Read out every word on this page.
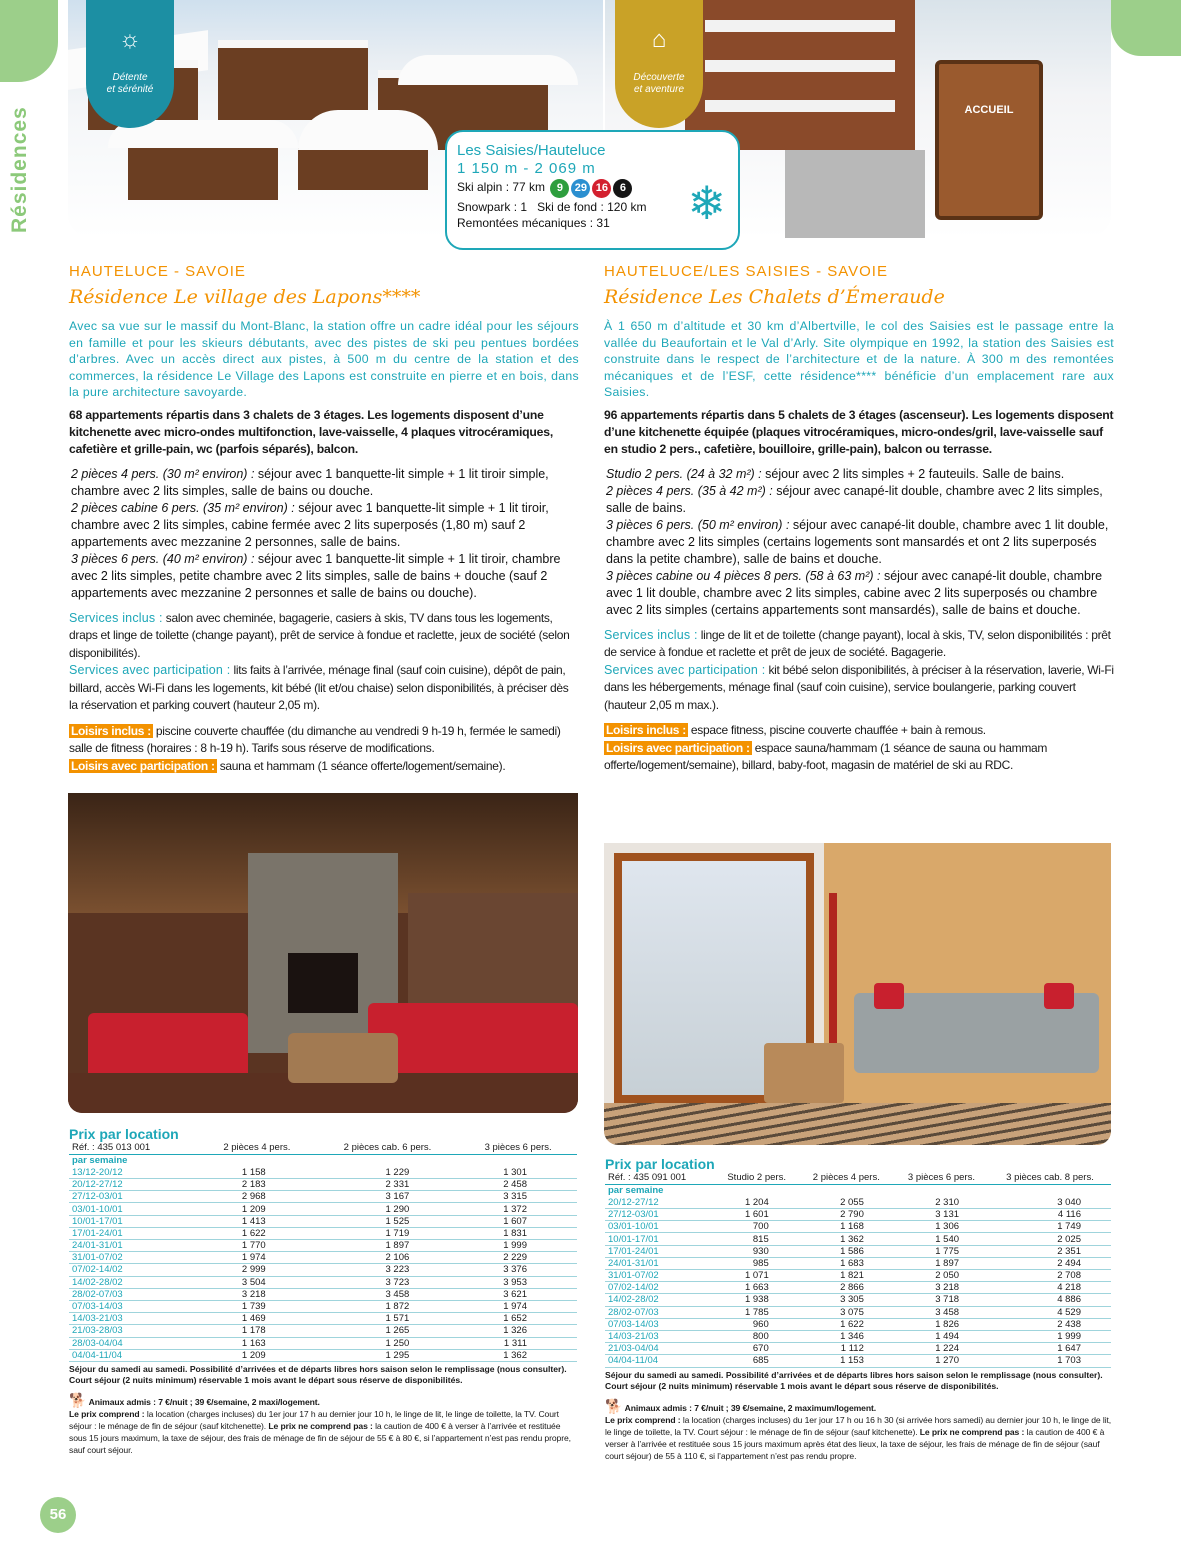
Résidences	ACCUEIL
☼
Détente
et sérénité
⌂
Découverte
et aventure
Les Saisies/Hauteluce
1 150 m - 2 069 m
Ski alpin : 77 km 9 29 16 6
Snowpark : 1 Ski de fond : 120 km
Remontées mécaniques : 31	❄
HAUTELUCE - SAVOIE
Résidence Le village des Lapons****
Avec sa vue sur le massif du Mont-Blanc, la station offre un cadre idéal pour les séjours en famille et pour les skieurs débutants, avec des pistes de ski peu pentues bordées d’arbres. Avec un accès direct aux pistes, à 500 m du centre de la station et des commerces, la résidence Le Village des Lapons est construite en pierre et en bois, dans la pure architecture savoyarde.
68 appartements répartis dans 3 chalets de 3 étages. Les logements disposent d’une kitchenette avec micro-ondes multifonction, lave-vaisselle, 4 plaques vitrocéramiques, cafetière et grille-pain, wc (parfois séparés), balcon.
2 pièces 4 pers. (30 m² environ) : séjour avec 1 banquette-lit simple + 1 lit tiroir simple, chambre avec 2 lits simples, salle de bains ou douche.
2 pièces cabine 6 pers. (35 m² environ) : séjour avec 1 banquette-lit simple + 1 lit tiroir, chambre avec 2 lits simples, cabine fermée avec 2 lits superposés (1,80 m) sauf 2 appartements avec mezzanine 2 personnes, salle de bains.
3 pièces 6 pers. (40 m² environ) : séjour avec 1 banquette-lit simple + 1 lit tiroir, chambre avec 2 lits simples, petite chambre avec 2 lits simples, salle de bains + douche (sauf 2 appartements avec mezzanine 2 personnes et salle de bains ou douche).
Services inclus : salon avec cheminée, bagagerie, casiers à skis, TV dans tous les logements, draps et linge de toilette (change payant), prêt de service à fondue et raclette, jeux de société (selon disponibilités).
Services avec participation : lits faits à l’arrivée, ménage final (sauf coin cuisine), dépôt de pain, billard, accès Wi-Fi dans les logements, kit bébé (lit et/ou chaise) selon disponibilités, à préciser dès la réservation et parking couvert (hauteur 2,05 m).
Loisirs inclus : piscine couverte chauffée (du dimanche au vendredi 9 h-19 h, fermée le samedi) salle de fitness (horaires : 8 h-19 h). Tarifs sous réserve de modifications.
Loisirs avec participation : sauna et hammam (1 séance offerte/logement/semaine).
Prix par location
Réf. : 435 013 001	2 pièces 4 pers.	2 pièces cab. 6 pers.	3 pièces 6 pers.
par semaine			
13/12-20/12	1 158	1 229	1 301
20/12-27/12	2 183	2 331	2 458
27/12-03/01	2 968	3 167	3 315
03/01-10/01	1 209	1 290	1 372
10/01-17/01	1 413	1 525	1 607
17/01-24/01	1 622	1 719	1 831
24/01-31/01	1 770	1 897	1 999
31/01-07/02	1 974	2 106	2 229
07/02-14/02	2 999	3 223	3 376
14/02-28/02	3 504	3 723	3 953
28/02-07/03	3 218	3 458	3 621
07/03-14/03	1 739	1 872	1 974
14/03-21/03	1 469	1 571	1 652
21/03-28/03	1 178	1 265	1 326
28/03-04/04	1 163	1 250	1 311
04/04-11/04	1 209	1 295	1 362
Séjour du samedi au samedi. Possibilité d’arrivées et de départs libres hors saison selon le remplissage (nous consulter).
Court séjour (2 nuits minimum) réservable 1 mois avant le départ sous réserve de disponibilités.
🐕 Animaux admis : 7 €/nuit ; 39 €/semaine, 2 maxi/logement.
Le prix comprend : la location (charges incluses) du 1er jour 17 h au dernier jour 10 h, le linge de lit, le linge de toilette, la TV. Court séjour : le ménage de fin de séjour (sauf kitchenette). Le prix ne comprend pas : la caution de 400 € à verser à l’arrivée et restituée sous 15 jours maximum, la taxe de séjour, des frais de ménage de fin de séjour de 55 € à 80 €, si l’appartement n’est pas rendu propre, sauf court séjour.
HAUTELUCE/LES SAISIES - SAVOIE
Résidence Les Chalets d’Émeraude
À 1 650 m d’altitude et 30 km d’Albertville, le col des Saisies est le passage entre la vallée du Beaufortain et le Val d’Arly. Site olympique en 1992, la station des Saisies est construite dans le respect de l’architecture et de la nature. À 300 m des remontées mécaniques et de l’ESF, cette résidence**** bénéficie d’un emplacement rare aux Saisies.
96 appartements répartis dans 5 chalets de 3 étages (ascenseur). Les logements disposent d’une kitchenette équipée (plaques vitrocéramiques, micro-ondes/gril, lave-vaisselle sauf en studio 2 pers., cafetière, bouilloire, grille-pain), balcon ou terrasse.
Studio 2 pers. (24 à 32 m²) : séjour avec 2 lits simples + 2 fauteuils. Salle de bains.
2 pièces 4 pers. (35 à 42 m²) : séjour avec canapé-lit double, chambre avec 2 lits simples, salle de bains.
3 pièces 6 pers. (50 m² environ) : séjour avec canapé-lit double, chambre avec 1 lit double, chambre avec 2 lits simples (certains logements sont mansardés et ont 2 lits superposés dans la petite chambre), salle de bains et douche.
3 pièces cabine ou 4 pièces 8 pers. (58 à 63 m²) : séjour avec canapé-lit double, chambre avec 1 lit double, chambre avec 2 lits simples, cabine avec 2 lits superposés ou chambre avec 2 lits simples (certains appartements sont mansardés), salle de bains et douche.
Services inclus : linge de lit et de toilette (change payant), local à skis, TV, selon disponibilités : prêt de service à fondue et raclette et prêt de jeux de société. Bagagerie.
Services avec participation : kit bébé selon disponibilités, à préciser à la réservation, laverie, Wi-Fi dans les hébergements, ménage final (sauf coin cuisine), service boulangerie, parking couvert (hauteur 2,05 m max.).
Loisirs inclus : espace fitness, piscine couverte chauffée + bain à remous.
Loisirs avec participation : espace sauna/hammam (1 séance de sauna ou hammam offerte/logement/semaine), billard, baby-foot, magasin de matériel de ski au RDC.
Prix par location
Réf. : 435 091 001	Studio 2 pers.	2 pièces 4 pers.	3 pièces 6 pers.	3 pièces cab. 8 pers.
par semaine				
20/12-27/12	1 204	2 055	2 310	3 040
27/12-03/01	1 601	2 790	3 131	4 116
03/01-10/01	700	1 168	1 306	1 749
10/01-17/01	815	1 362	1 540	2 025
17/01-24/01	930	1 586	1 775	2 351
24/01-31/01	985	1 683	1 897	2 494
31/01-07/02	1 071	1 821	2 050	2 708
07/02-14/02	1 663	2 866	3 218	4 218
14/02-28/02	1 938	3 305	3 718	4 886
28/02-07/03	1 785	3 075	3 458	4 529
07/03-14/03	960	1 622	1 826	2 438
14/03-21/03	800	1 346	1 494	1 999
21/03-04/04	670	1 112	1 224	1 647
04/04-11/04	685	1 153	1 270	1 703
Séjour du samedi au samedi. Possibilité d’arrivées et de départs libres hors saison selon le remplissage (nous consulter).
Court séjour (2 nuits minimum) réservable 1 mois avant le départ sous réserve de disponibilités.
🐕 Animaux admis : 7 €/nuit ; 39 €/semaine, 2 maximum/logement.
Le prix comprend : la location (charges incluses) du 1er jour 17 h ou 16 h 30 (si arrivée hors samedi) au dernier jour 10 h, le linge de lit, le linge de toilette, la TV. Court séjour : le ménage de fin de séjour (sauf kitchenette). Le prix ne comprend pas : la caution de 400 € à verser à l’arrivée et restituée sous 15 jours maximum après état des lieux, la taxe de séjour, les frais de ménage de fin de séjour (sauf court séjour) de 55 à 110 €, si l’appartement n’est pas rendu propre.
56
